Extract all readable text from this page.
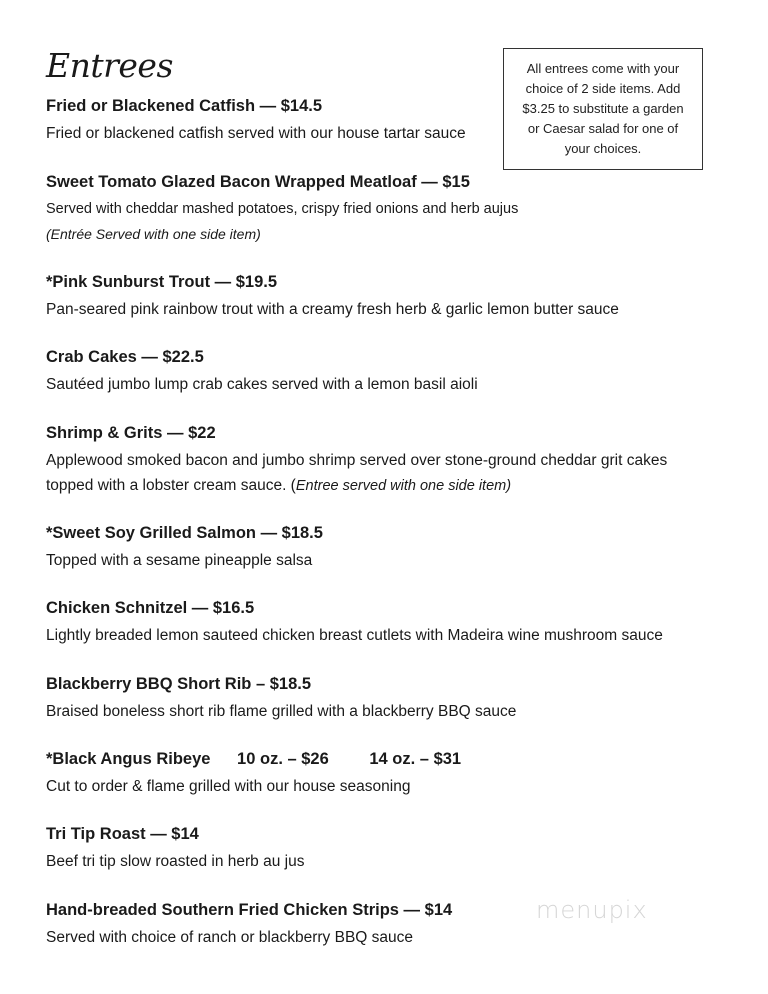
Entrees	All entrees come with your
choice of 2 side items. Add
$3.25 to substitute a garden
or Caesar salad for one of
your choices.
Fried or Blackened Catfish — $14.5
Fried or blackened catfish served with our house tartar sauce
Sweet Tomato Glazed Bacon Wrapped Meatloaf — $15
Served with cheddar mashed potatoes, crispy fried onions and herb aujus
(Entrée Served with one side item)
*Pink Sunburst Trout — $19.5
Pan-seared pink rainbow trout with a creamy fresh herb & garlic lemon butter sauce
Crab Cakes — $22.5
Sautéed jumbo lump crab cakes served with a lemon basil aioli
Shrimp & Grits — $22
Applewood smoked bacon and jumbo shrimp served over stone-ground cheddar grit cakes
topped with a lobster cream sauce. (Entree served with one side item)
*Sweet Soy Grilled Salmon — $18.5
Topped with a sesame pineapple salsa
Chicken Schnitzel — $16.5
Lightly breaded lemon sauteed chicken breast cutlets with Madeira wine mushroom sauce
Blackberry BBQ Short Rib – $18.5
Braised boneless short rib flame grilled with a blackberry BBQ sauce
*Black Angus Ribeye 10 oz. – $26 14 oz. – $31
Cut to order & flame grilled with our house seasoning
Tri Tip Roast — $14
Beef tri tip slow roasted in herb au jus
Hand-breaded Southern Fried Chicken Strips — $14
Served with choice of ranch or blackberry BBQ sauce
menupix
